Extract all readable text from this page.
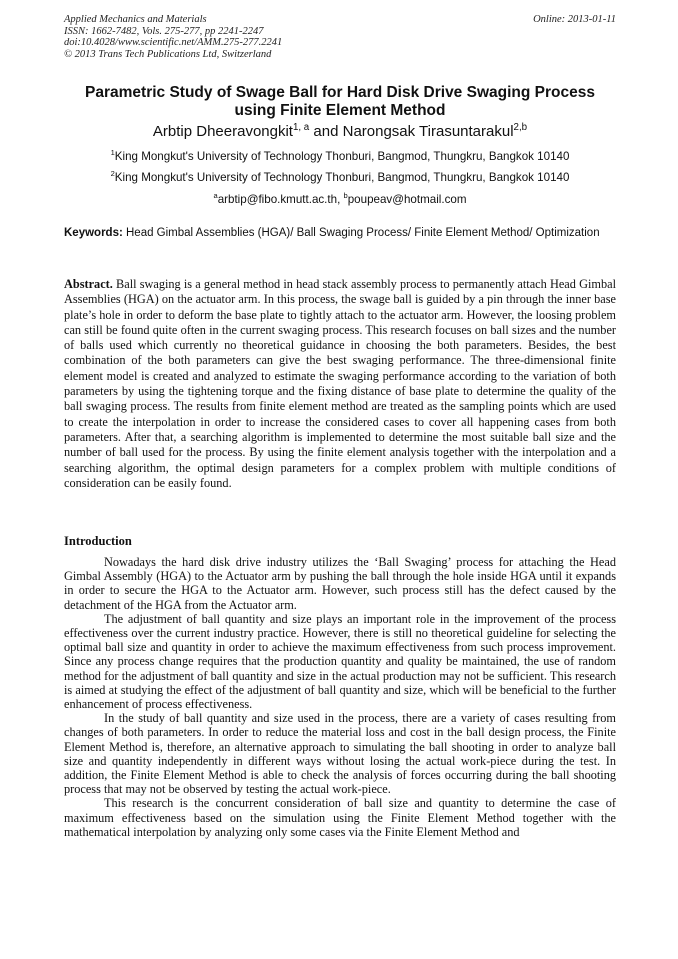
Applied Mechanics and Materials
ISSN: 1662-7482, Vols. 275-277, pp 2241-2247
doi:10.4028/www.scientific.net/AMM.275-277.2241
© 2013 Trans Tech Publications Ltd, Switzerland
Online: 2013-01-11
Parametric Study of Swage Ball for Hard Disk Drive Swaging Process using Finite Element Method
Arbtip Dheeravongkit$^{1, a}$ and Narongsak Tirasuntarakul$^{2,b}$
$^1$King Mongkut's University of Technology Thonburi, Bangmod, Thungkru, Bangkok 10140
$^2$King Mongkut's University of Technology Thonburi, Bangmod, Thungkru, Bangkok 10140
$^a$arbtip@fibo.kmutt.ac.th, $^b$poupeav@hotmail.com
Keywords: Head Gimbal Assemblies (HGA)/ Ball Swaging Process/ Finite Element Method/ Optimization
Abstract. Ball swaging is a general method in head stack assembly process to permanently attach Head Gimbal Assemblies (HGA) on the actuator arm. In this process, the swage ball is guided by a pin through the inner base plate’s hole in order to deform the base plate to tightly attach to the actuator arm. However, the loosing problem can still be found quite often in the current swaging process. This research focuses on ball sizes and the number of balls used which currently no theoretical guidance in choosing the both parameters. Besides, the best combination of the both parameters can give the best swaging performance. The three-dimensional finite element model is created and analyzed to estimate the swaging performance according to the variation of both parameters by using the tightening torque and the fixing distance of base plate to determine the quality of the ball swaging process. The results from finite element method are treated as the sampling points which are used to create the interpolation in order to increase the considered cases to cover all happening cases from both parameters. After that, a searching algorithm is implemented to determine the most suitable ball size and the number of ball used for the process. By using the finite element analysis together with the interpolation and a searching algorithm, the optimal design parameters for a complex problem with multiple conditions of consideration can be easily found.
Introduction

Nowadays the hard disk drive industry utilizes the ‘Ball Swaging’ process for attaching the Head Gimbal Assembly (HGA) to the Actuator arm by pushing the ball through the hole inside HGA until it expands in order to secure the HGA to the Actuator arm. However, such process still has the defect caused by the detachment of the HGA from the Actuator arm.

The adjustment of ball quantity and size plays an important role in the improvement of the process effectiveness over the current industry practice. However, there is still no theoretical guideline for selecting the optimal ball size and quantity in order to achieve the maximum effectiveness from such process improvement. Since any process change requires that the production quantity and quality be maintained, the use of random method for the adjustment of ball quantity and size in the actual production may not be sufficient. This research is aimed at studying the effect of the adjustment of ball quantity and size, which will be beneficial to the further enhancement of process effectiveness.

In the study of ball quantity and size used in the process, there are a variety of cases resulting from changes of both parameters. In order to reduce the material loss and cost in the ball design process, the Finite Element Method is, therefore, an alternative approach to simulating the ball shooting in order to analyze ball size and quantity independently in different ways without losing the actual work-piece during the test. In addition, the Finite Element Method is able to check the analysis of forces occurring during the ball shooting process that may not be observed by testing the actual work-piece.

This research is the concurrent consideration of ball size and quantity to determine the case of maximum effectiveness based on the simulation using the Finite Element Method together with the mathematical interpolation by analyzing only some cases via the Finite Element Method and
